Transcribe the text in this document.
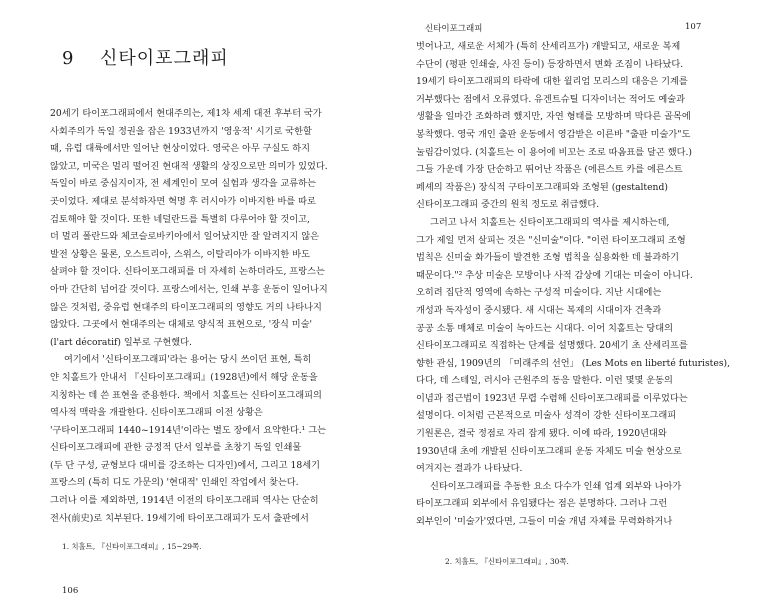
9 신타이포그래피
20세기 타이포그래피에서 현대주의는, 제1차 세계 대전 후부터 국가
사회주의가 독일 정권을 잡은 1933년까지 '영웅적' 시기로 국한할
때, 유럽 대륙에서만 일어난 현상이었다. 영국은 아무 구실도 하지
않았고, 미국은 멀리 떨어진 현대적 생활의 상징으로만 의미가 있었다.
독일이 바로 중심지이자, 전 세계인이 모여 실험과 생각을 교류하는
곳이었다. 제대로 분석하자면 혁명 후 러시아가 이바지한 바를 따로
검토해야 할 것이다. 또한 네덜란드를 특별히 다루어야 할 것이고,
더 멀리 폴란드와 체코슬로바키아에서 일어났지만 잘 알려지지 않은
발전 상황은 물론, 오스트리아, 스위스, 이탈리아가 이바지한 바도
살펴야 할 것이다. 신타이포그래피를 더 자세히 논하더라도, 프랑스는
아마 간단히 넘어갈 것이다. 프랑스에서는, 인쇄 부흥 운동이 일어나지
않은 것처럼, 중유럽 현대주의 타이포그래피의 영향도 거의 나타나지
않았다. 그곳에서 현대주의는 대체로 양식적 표현으로, '장식 미술'
(l'art décoratif) 일부로 구현했다.
여기에서 '신타이포그래피'라는 용어는 당시 쓰이던 표현, 특히
얀 치홀트가 안내서 『신타이포그래피』(1928년)에서 해당 운동을
지칭하는 데 쓴 표현을 준용한다. 책에서 치홀트는 신타이포그래피의
역사적 맥락을 개괄한다. 신타이포그래피 이전 상황은
'구타이포그래피 1440~1914년'이라는 별도 장에서 요약한다.¹ 그는
신타이포그래피에 관한 긍정적 단서 일부를 초창기 독일 인쇄물
(두 단 구성, 균형보다 대비를 강조하는 디자인)에서, 그리고 18세기
프랑스의 (특히 디도 가문의) '현대적' 인쇄인 작업에서 찾는다.
그러나 이를 제외하면, 1914년 이전의 타이포그래피 역사는 단순히
전사(前史)로 치부된다. 19세기에 타이포그래피가 도서 출판에서
1. 치홀트, 『신타이포그래피』, 15~29쪽.
106
신타이포그래피	107
벗어나고, 새로운 서체가 (특히 산세리프가) 개발되고, 새로운 복제
수단이 (평판 인쇄술, 사진 등이) 등장하면서 변화 조짐이 나타났다.
19세기 타이포그래피의 타락에 대한 윌리엄 모리스의 대응은 기계를
거부했다는 점에서 오류였다. 유겐트슈틸 디자이너는 적어도 예술과
생활을 일마간 조화하려 했지만, 자연 형태를 모방하며 막다른 골목에
봉착했다. 영국 개인 출판 운동에서 영감받은 이른바 "출판 미술가"도
눌림감이었다. (치홀트는 이 용어에 비꼬는 조로 따옴표를 달곤 했다.)
그들 가운데 가장 단순하고 뛰어난 작품은 (에른스트 카를 에른스트
페셰의 작품은) 장식적 구타이포그래피와 조형된 (gestaltend)
신타이포그래피 중간의 원칙 정도로 취급했다.
그러고 나서 치홀트는 신타이포그래피의 역사를 제시하는데,
그가 제일 먼저 살피는 것은 "신미술"이다. "이런 타이포그래피 조형
법칙은 신미술 화가들이 발견한 조형 법칙을 실용화한 데 불과하기
때문이다."² 추상 미술은 모방이나 사적 감상에 기대는 미술이 아니다.
오히려 집단적 영역에 속하는 구성적 미술이다. 지난 시대에는
개성과 독자성이 중시됐다. 새 시대는 복제의 시대이자 건축과
공공 소통 매체로 미술이 녹아드는 시대다. 이어 치홀트는 당대의
신타이포그래피로 직접하는 단계를 설명했다. 20세기 초 산세리프를
향한 관심, 1909년의 「미래주의 선언」 (Les Mots en liberté futuristes),
다다, 데 스테일, 러시아 근원주의 동응 말한다. 이런 몇몇 운동의
이념과 접근법이 1923년 무렵 수렴해 신타이포그래피를 이루었다는
설명이다. 이처럼 근본적으로 미술사 성격이 강한 신타이포그래피
기원론은, 결국 정점로 자리 잡게 됐다. 이에 따라, 1920년대와
1930년대 초에 개발된 신타이포그래피 운동 자체도 미술 현상으로
여겨지는 결과가 나타났다.
신타이포그래피를 추동한 요소 다수가 인쇄 업계 외부와 나아가
타이포그래피 외부에서 유입됐다는 점은 분명하다. 그러나 그런
외부인이 '미술가'였다면, 그들이 미술 개념 자체를 무력화하거나
2. 치홀트, 『신타이포그래피』, 30쪽.
